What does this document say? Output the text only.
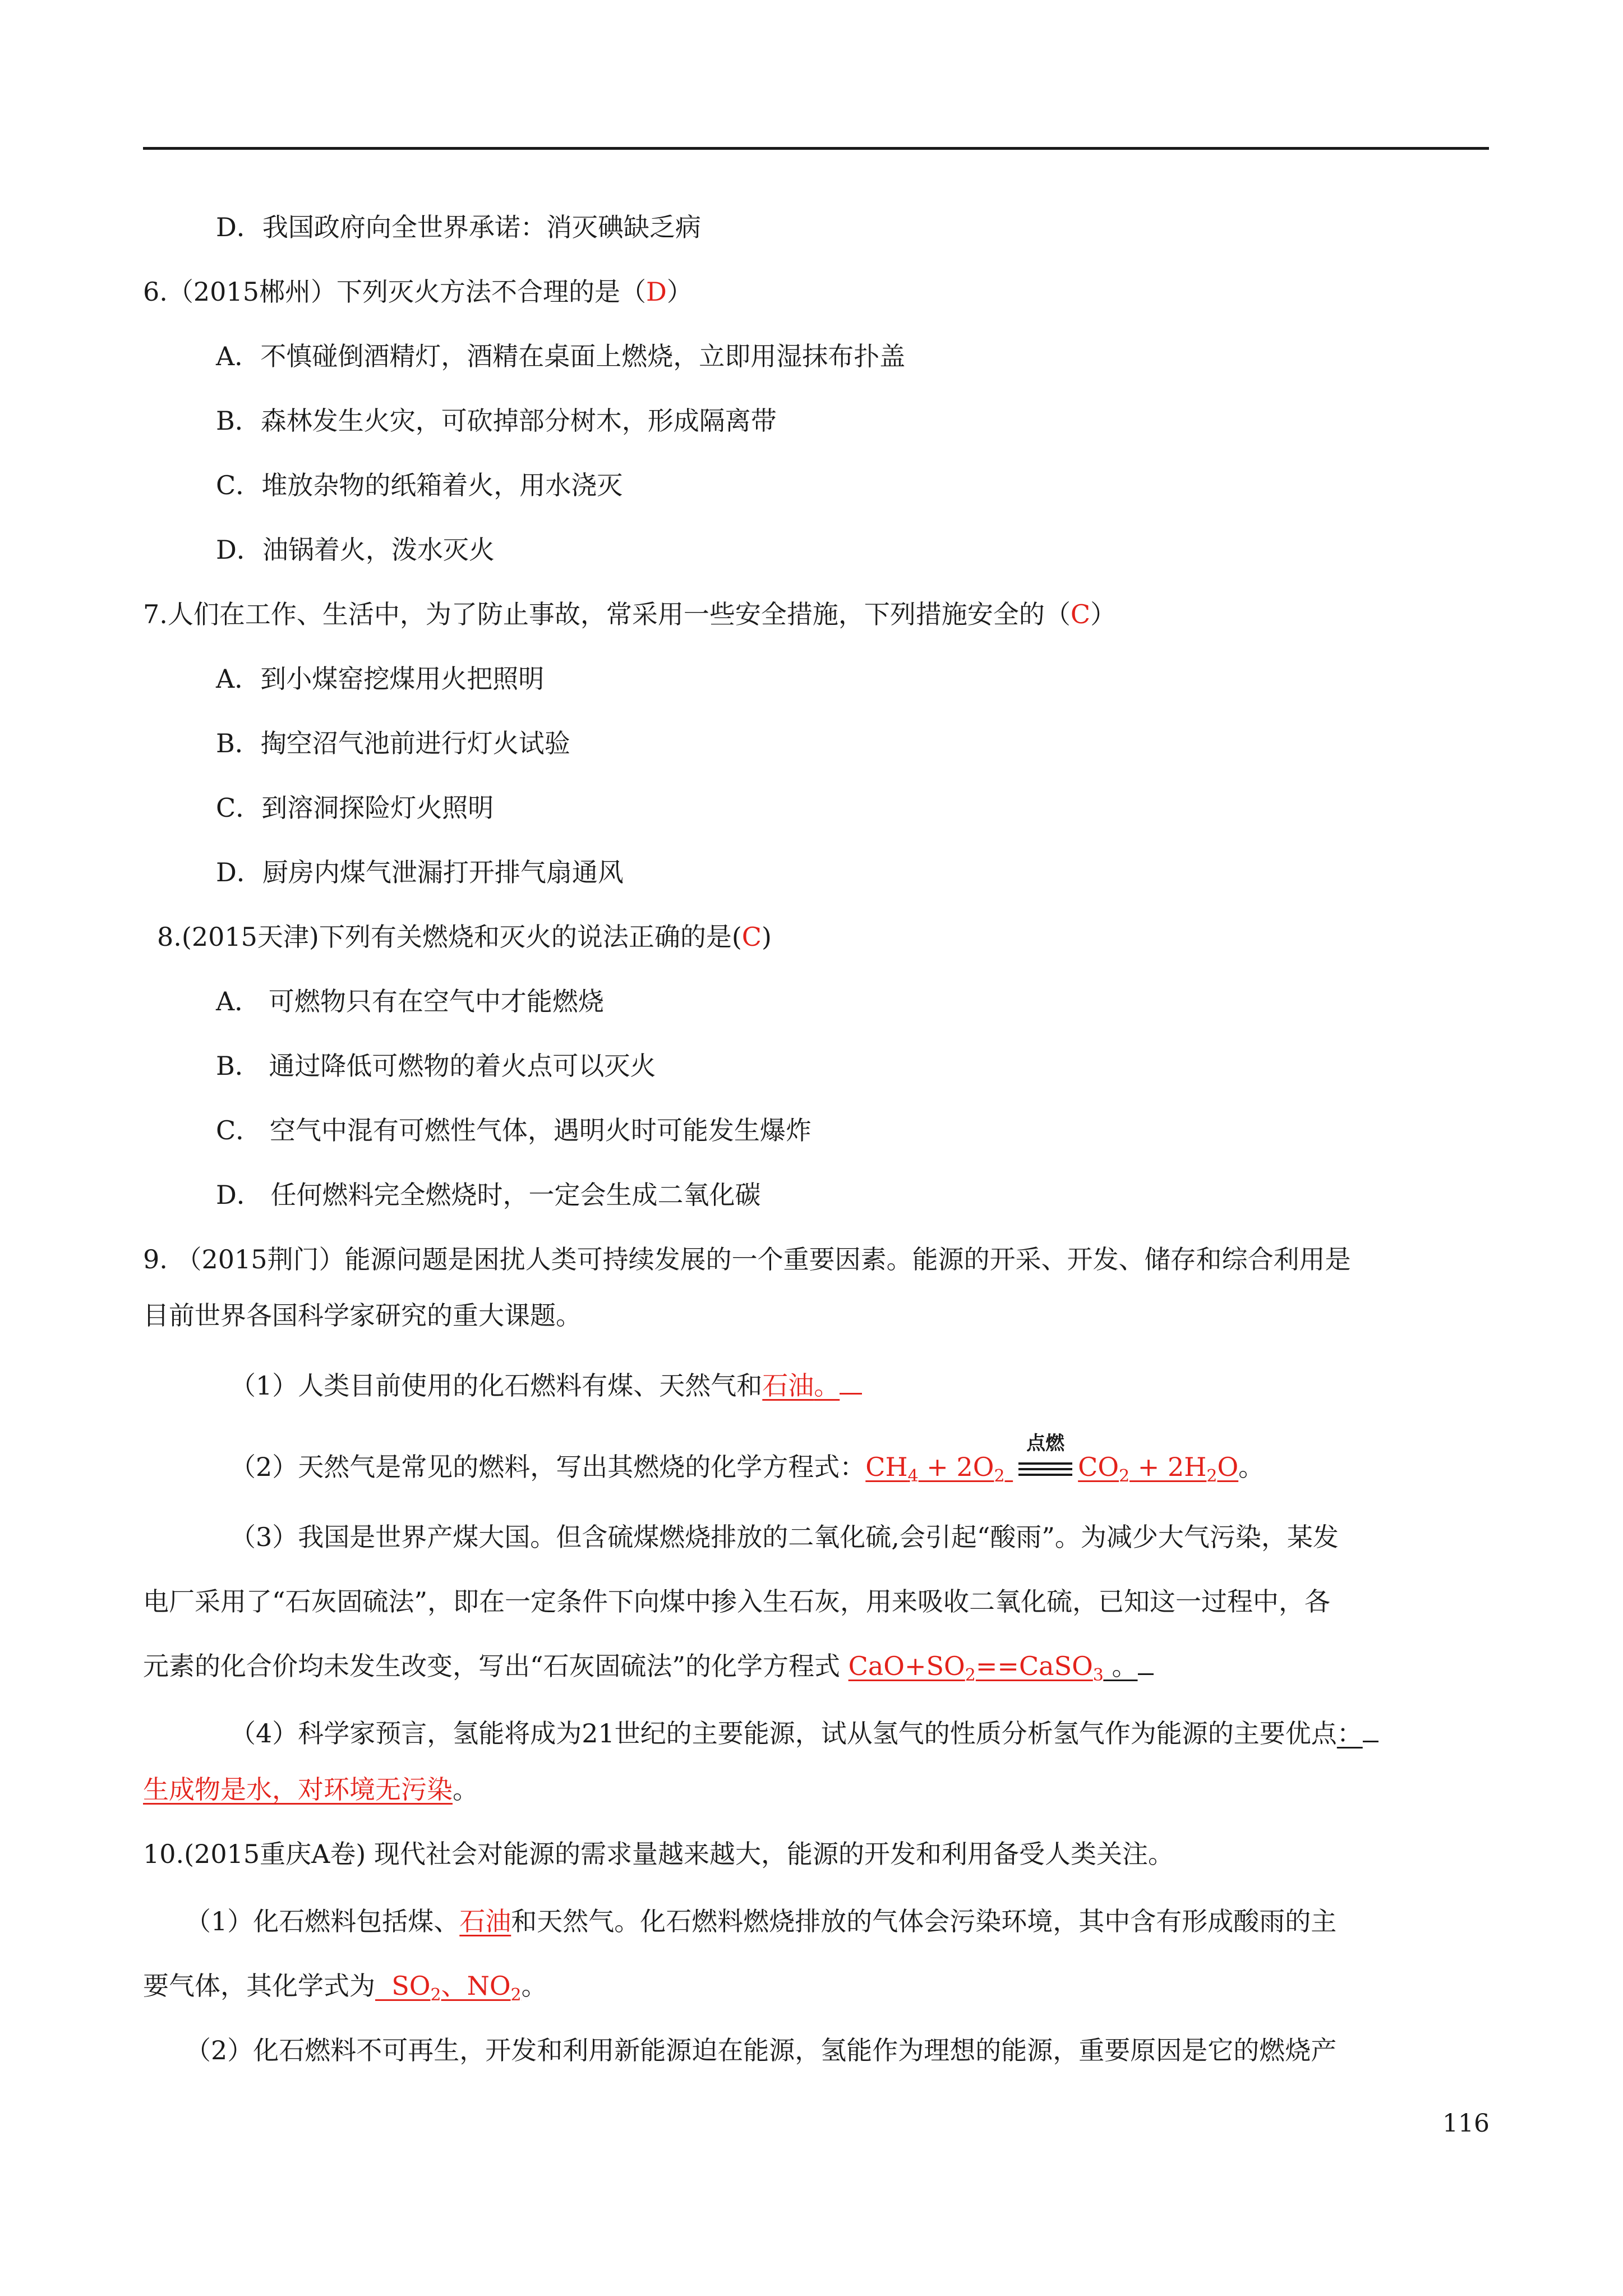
D．我国政府向全世界承诺：消灭碘缺乏病
6.（2015郴州）下列灭火方法不合理的是（D）
A．不慎碰倒酒精灯，酒精在桌面上燃烧，立即用湿抹布扑盖
B．森林发生火灾，可砍掉部分树木，形成隔离带
C．堆放杂物的纸箱着火，用水浇灭
D．油锅着火，泼水灭火
7.人们在工作、生活中，为了防止事故，常采用一些安全措施，下列措施安全的（C）
A．到小煤窑挖煤用火把照明
B．掏空沼气池前进行灯火试验
C．到溶洞探险灯火照明
D．厨房内煤气泄漏打开排气扇通风
8.(2015天津)下列有关燃烧和灭火的说法正确的是(C)
A． 可燃物只有在空气中才能燃烧
B． 通过降低可燃物的着火点可以灭火
C． 空气中混有可燃性气体，遇明火时可能发生爆炸
D． 任何燃料完全燃烧时，一定会生成二氧化碳
9. （2015荆门）能源问题是困扰人类可持续发展的一个重要因素。能源的开采、开发、储存和综合利用是
目前世界各国科学家研究的重大课题。
（1）人类目前使用的化石燃料有煤、天然气和石油。
（2）天然气是常见的燃料，写出其燃烧的化学方程式：$CH_4 + 2O_2$
点燃
$CO_2 + 2H_2O$。
（3）我国是世界产煤大国。但含硫煤燃烧排放的二氧化硫,会引起“酸雨”。为减少大气污染，某发
电厂采用了“石灰固硫法”，即在一定条件下向煤中掺入生石灰，用来吸收二氧化硫，已知这一过程中，各
元素的化合价均未发生改变，写出“石灰固硫法”的化学方程式 $CaO+SO_2==CaSO_3$ 。
（4）科学家预言，氢能将成为21世纪的主要能源，试从氢气的性质分析氢气作为能源的主要优点：
生成物是水，对环境无污染。
10.(2015重庆A卷) 现代社会对能源的需求量越来越大，能源的开发和利用备受人类关注。
（1）化石燃料包括煤、石油和天然气。化石燃料燃烧排放的气体会污染环境，其中含有形成酸雨的主
要气体，其化学式为  $SO_2$、$NO_2$。
（2）化石燃料不可再生，开发和利用新能源迫在能源，氢能作为理想的能源，重要原因是它的燃烧产
116
